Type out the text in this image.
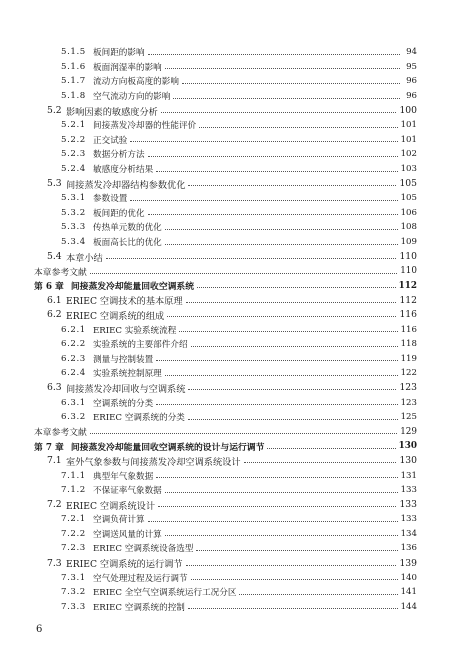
5.1.5 板间距的影响	94
5.1.6 板面润湿率的影响	95
5.1.7 流动方向板高度的影响	96
5.1.8 空气流动方向的影响	96
5.2 影响因素的敏感度分析	100
5.2.1 间接蒸发冷却器的性能评价	101
5.2.2 正交试验	101
5.2.3 数据分析方法	102
5.2.4 敏感度分析结果	103
5.3 间接蒸发冷却器结构参数优化	105
5.3.1 参数设置	105
5.3.2 板间距的优化	106
5.3.3 传热单元数的优化	108
5.3.4 板面高长比的优化	109
5.4 本章小结	110
本章参考文献	110
第 6 章 间接蒸发冷却能量回收空调系统	112
6.1 ERIEC 空调技术的基本原理	112
6.2 ERIEC 空调系统的组成	116
6.2.1 ERIEC 实验系统流程	116
6.2.2 实验系统的主要部件介绍	118
6.2.3 测量与控制装置	119
6.2.4 实验系统控制原理	122
6.3 间接蒸发冷却回收与空调系统	123
6.3.1 空调系统的分类	123
6.3.2 ERIEC 空调系统的分类	125
本章参考文献	129
第 7 章 间接蒸发冷却能量回收空调系统的设计与运行调节	130
7.1 室外气象参数与间接蒸发冷却空调系统设计	130
7.1.1 典型年气象数据	131
7.1.2 不保证率气象数据	133
7.2 ERIEC 空调系统设计	133
7.2.1 空调负荷计算	133
7.2.2 空调送风量的计算	134
7.2.3 ERIEC 空调系统设备选型	136
7.3 ERIEC 空调系统的运行调节	139
7.3.1 空气处理过程及运行调节	140
7.3.2 ERIEC 全空气空调系统运行工况分区	141
7.3.3 ERIEC 空调系统的控制	144
6
